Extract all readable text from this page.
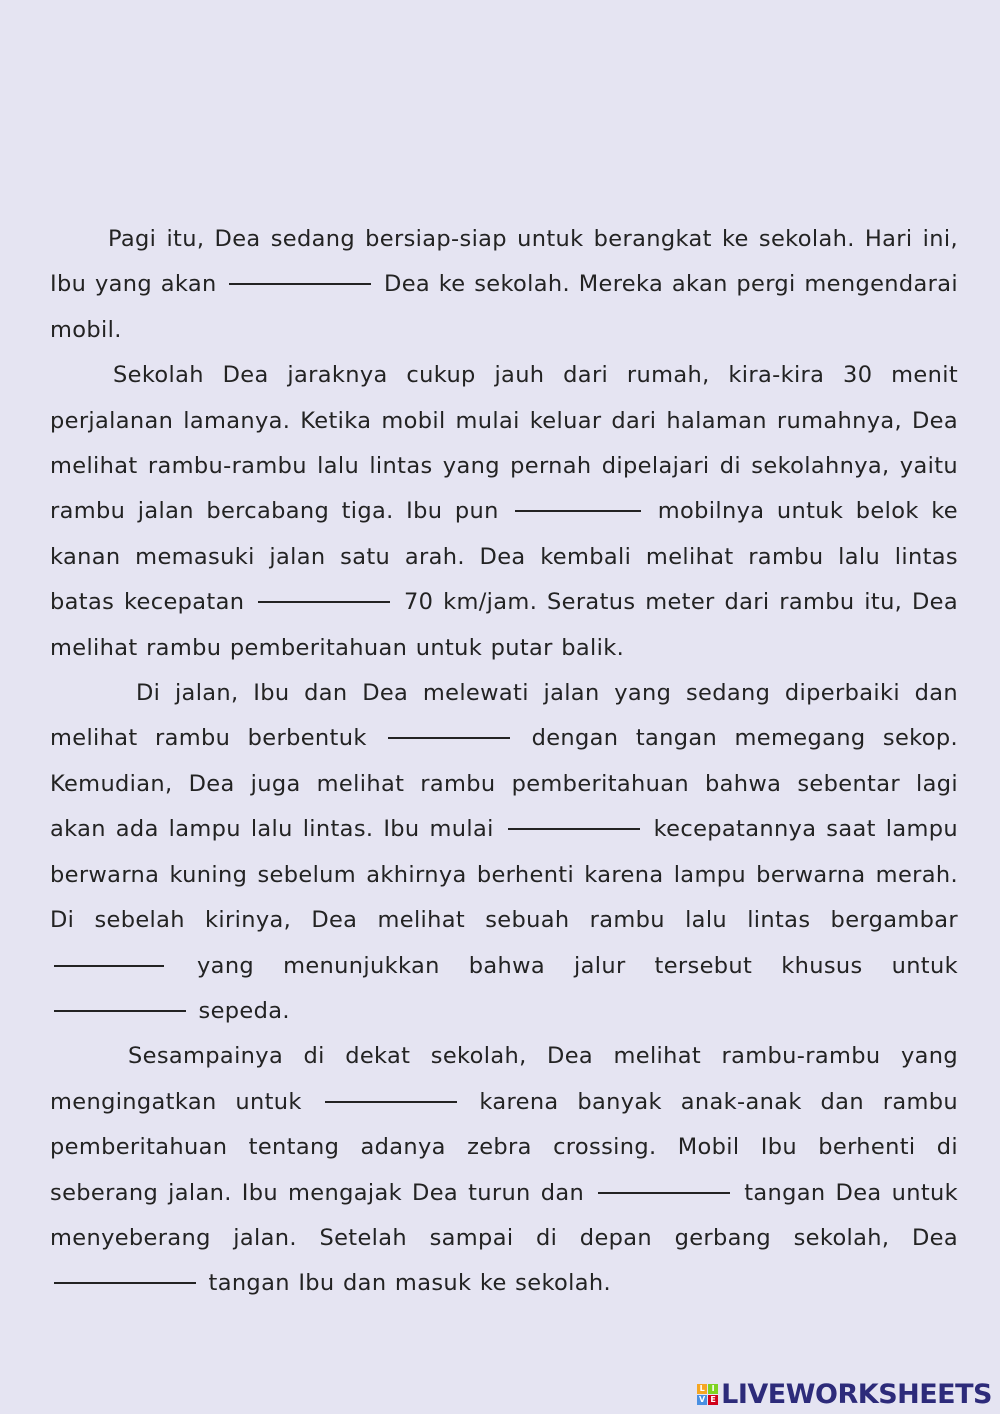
Pagi itu, Dea sedang bersiap-siap untuk berangkat ke sekolah. Hari ini, Ibu yang akan	Dea ke sekolah. Mereka akan pergi mengendarai mobil.

Sekolah Dea jaraknya cukup jauh dari rumah, kira-kira 30 menit perjalanan lamanya. Ketika mobil mulai keluar dari halaman rumahnya, Dea melihat rambu-rambu lalu lintas yang pernah dipelajari di sekolahnya, yaitu rambu jalan bercabang tiga. Ibu pun	mobilnya untuk belok ke kanan memasuki jalan satu arah. Dea kembali melihat rambu lalu lintas batas kecepatan	70 km/jam. Seratus meter dari rambu itu, Dea melihat rambu pemberitahuan untuk putar balik.

Di jalan, Ibu dan Dea melewati jalan yang sedang diperbaiki dan melihat rambu berbentuk	dengan tangan memegang sekop. Kemudian, Dea juga melihat rambu pemberitahuan bahwa sebentar lagi akan ada lampu lalu lintas. Ibu mulai	kecepatannya saat lampu berwarna kuning sebelum akhirnya berhenti karena lampu berwarna merah. Di sebelah kirinya, Dea melihat sebuah rambu lalu lintas bergambar  yang menunjukkan bahwa jalur tersebut khusus untuk  sepeda.

Sesampainya di dekat sekolah, Dea melihat rambu-rambu yang mengingatkan untuk	karena banyak anak-anak dan rambu pemberitahuan tentang adanya zebra crossing. Mobil Ibu berhenti di seberang jalan. Ibu mengajak Dea turun dan	tangan Dea untuk menyeberang jalan. Setelah sampai di depan gerbang sekolah, Dea  tangan Ibu dan masuk ke sekolah.

L I
V E LIVEWORKSHEETS
